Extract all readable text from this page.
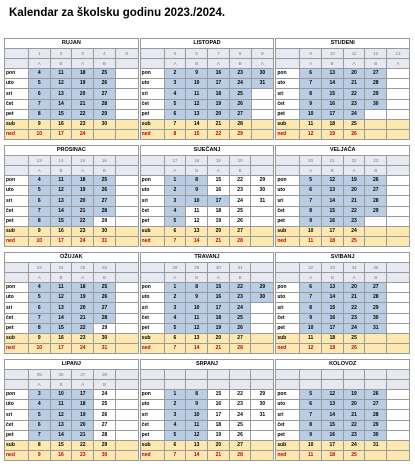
Kalendar za školsku godinu 2023./2024.
RUJAN					
	1	2	3	4	5
	A	B	A	B	
pon	4	11	18	25	
uto	5	12	19	26	
sri	6	13	20	27	
čet	7	14	21	28	
pet	8	15	22	29	
sub	9	16	23	30	
ned	10	17	24		
LISTOPAD					
	5	6	7	8	9
	A	B	A	B	A
pon	2	9	16	23	30
uto	3	10	17	24	31
sri	4	11	18	25	
čet	5	12	19	26	
pet	6	13	20	27	
sub	7	14	21	28	
ned	8	15	22	29	
STUDENI					
	9	10	11	12	13
	A	B	A	B	A
pon	6	13	20	27	
uto	7	14	21	28	
sri	8	15	22	29	
čet	9	16	23	30	
pet	10	17	24		
sub	11	18	25		
ned	12	19	26		
PROSINAC					
	13	14	15	16	
	A	B	A	B	
pon	4	11	18	25	
uto	5	12	19	26	
sri	6	13	20	27	
čet	7	14	21	28	
pet	8	15	22	29	
sub	9	16	23	30	
ned	10	17	24	31	
SIJEČANJ					
	17	18	19	20	
	A	B	A	B	
pon	1	8	15	22	29
uto	2	9	16	23	30
sri	3	10	17	24	31
čet	4	11	18	25	
pet	5	12	19	26	
sub	6	13	20	27	
ned	7	14	21	28	
VELJAČA					
	20	21	22	23	
	A	B	A	B	
pon	5	12	19	26	
uto	6	13	20	27	
sri	7	14	21	28	
čet	8	15	22	29	
pet	9	16	23		
sub	10	17	24		
ned	11	18	25		
OŽUJAK					
	23	24	25	26	
	A	B	A	B	
pon	4	11	18	25	
uto	5	12	19	26	
sri	6	13	20	27	
čet	7	14	21	28	
pet	8	15	22	29	
sub	9	16	23	30	
ned	10	17	24	31	
TRAVANJ					
	28	29	30	31	
	A	B	A	B	
pon	1	8	15	22	29
uto	2	9	16	23	30
sri	3	10	17	24	
čet	4	11	18	25	
pet	5	12	19	26	
sub	6	13	20	27	
ned	7	14	21	28	
SVIBANJ					
	32	33	34	35	
	A	B	A	B	
pon	6	13	20	27	
uto	7	14	21	28	
sri	8	15	22	29	
čet	9	16	23	30	
pet	10	17	24	31	
sub	11	18	25		
ned	12	19	26		
LIPANJ					
	35	36	37	38	
	A	B	A	B	
pon	3	10	17	24	
uto	4	11	18	25	
sri	5	12	19	26	
čet	6	13	20	27	
pet	7	14	21	28	
sub	8	15	22	29	
ned	9	16	23	30	
SRPANJ					

pon	1	8	15	22	29
uto	2	9	16	23	30
sri	3	10	17	24	31
čet	4	11	18	25	
pet	5	12	19	26	
sub	6	13	20	27	
ned	7	14	21	28	
KOLOVOZ					

pon	5	12	19	26	
uto	6	13	20	27	
sri	7	14	21	28	
čet	8	15	22	29	
pet	9	16	23	30	
sub	10	17	24	31	
ned	11	18	25		
